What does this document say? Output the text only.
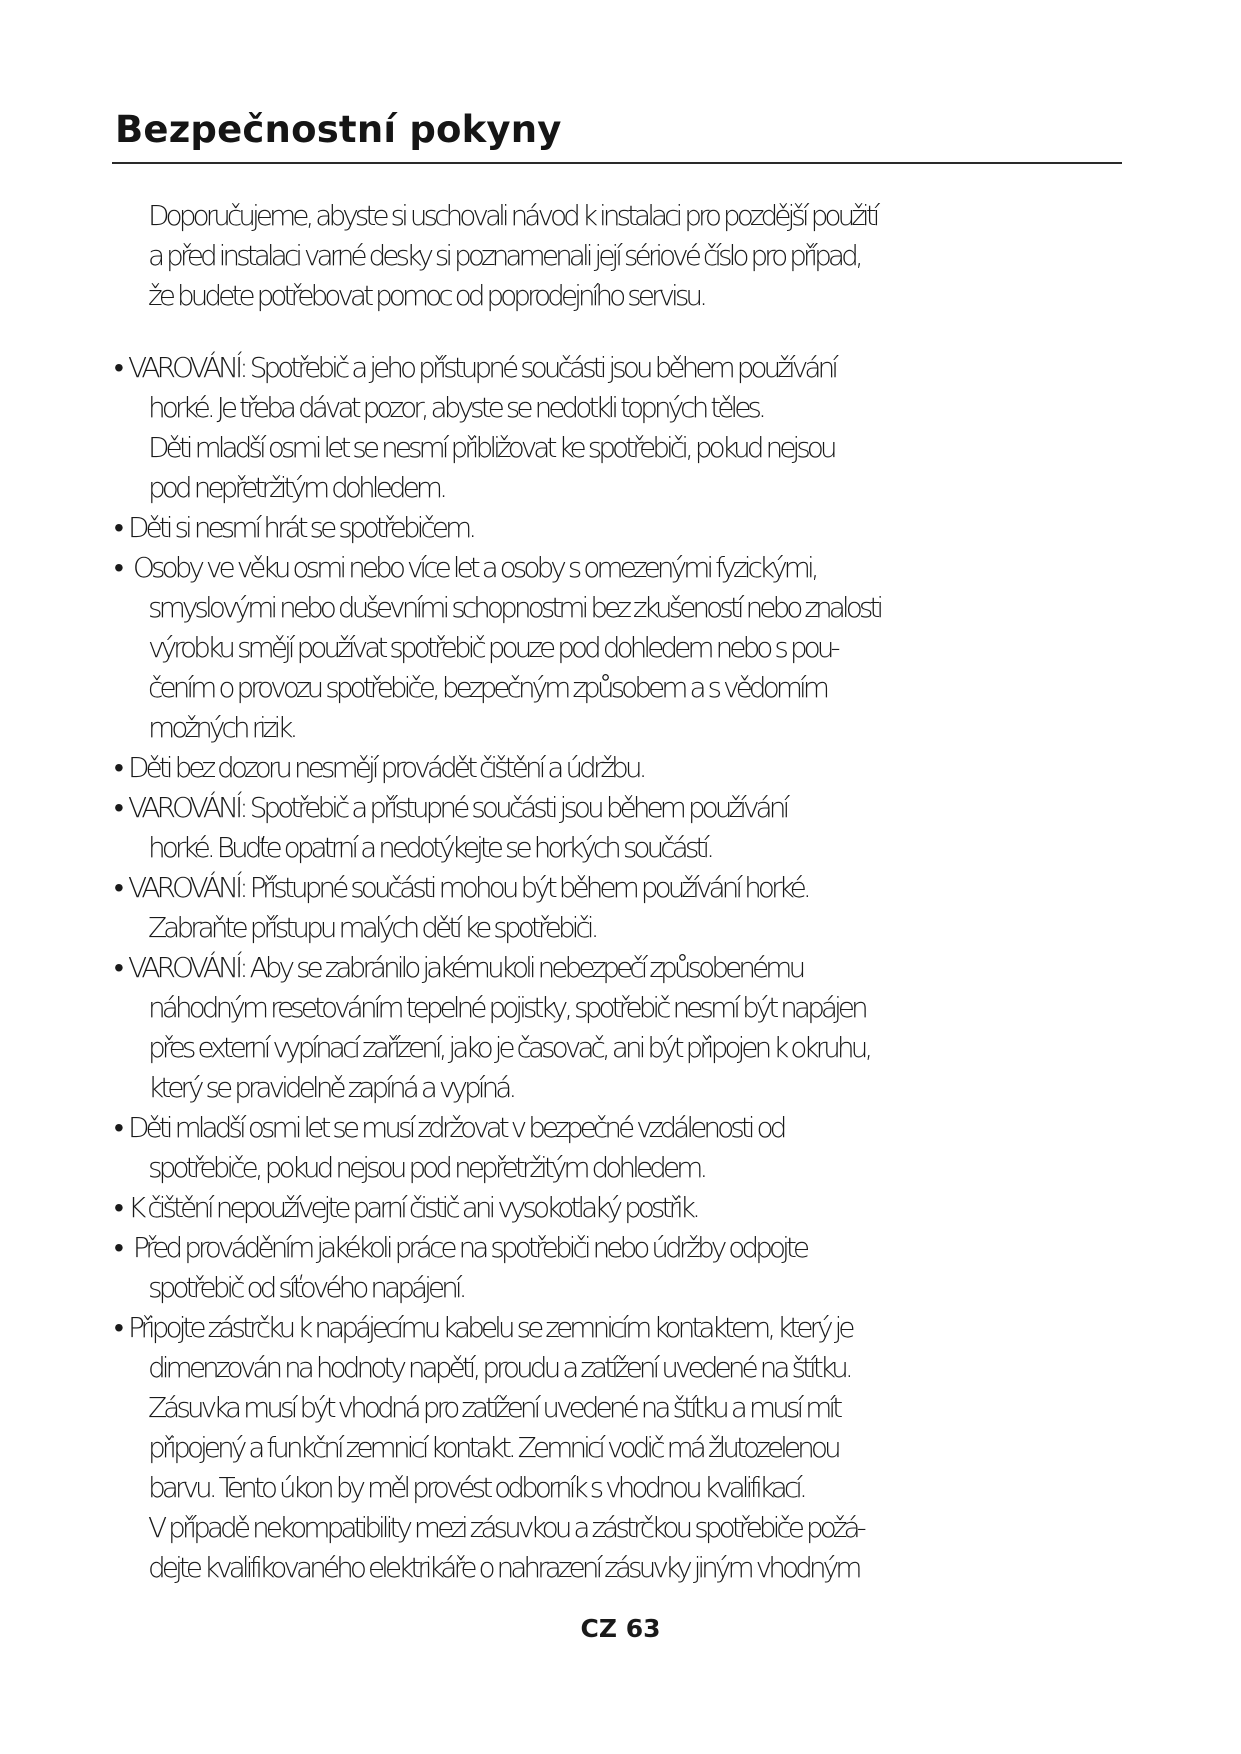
Bezpečnostní pokyny
Doporučujeme, abyste si uschovali návod k instalaci pro pozdější použití
a před instalaci varné desky si poznamenali její sériové číslo pro případ,
že budete potřebovat pomoc od poprodejního servisu.
• VAROVÁNÍ: Spotřebič a jeho přístupné součásti jsou během používání
horké. Je třeba dávat pozor, abyste se nedotkli topných těles.
Děti mladší osmi let se nesmí přibližovat ke spotřebiči, pokud nejsou
pod nepřetržitým dohledem.
• Děti si nesmí hrát se spotřebičem.
• Osoby ve věku osmi nebo více let a osoby s omezenými fyzickými,
smyslovými nebo duševními schopnostmi bez zkušeností nebo znalosti
výrobku smějí používat spotřebič pouze pod dohledem nebo s pou-
čením o provozu spotřebiče, bezpečným způsobem a s vědomím
možných rizik.
• Děti bez dozoru nesmějí provádět čištění a údržbu.
• VAROVÁNÍ: Spotřebič a přístupné součásti jsou během používání
horké. Buďte opatrní a nedotýkejte se horkých součástí.
• VAROVÁNÍ: Přístupné součásti mohou být během používání horké.
Zabraňte přístupu malých dětí ke spotřebiči.
• VAROVÁNÍ: Aby se zabránilo jakémukoli nebezpečí způsobenému
náhodným resetováním tepelné pojistky, spotřebič nesmí být napájen
přes externí vypínací zařízení, jako je časovač, ani být připojen k okruhu,
který se pravidelně zapíná a vypíná.
• Děti mladší osmi let se musí zdržovat v bezpečné vzdálenosti od
spotřebiče, pokud nejsou pod nepřetržitým dohledem.
• K čištění nepoužívejte parní čistič ani vysokotlaký postřik.
• Před prováděním jakékoli práce na spotřebiči nebo údržby odpojte
spotřebič od síťového napájení.
• Připojte zástrčku k napájecímu kabelu se zemnicím kontaktem, který je
dimenzován na hodnoty napětí, proudu a zatížení uvedené na štítku.
Zásuvka musí být vhodná pro zatížení uvedené na štítku a musí mít
připojený a funkční zemnicí kontakt. Zemnicí vodič má žlutozelenou
barvu. Tento úkon by měl provést odborník s vhodnou kvalifikací.
V případě nekompatibility mezi zásuvkou a zástrčkou spotřebiče požá-
dejte kvalifikovaného elektrikáře o nahrazení zásuvky jiným vhodným
CZ 63
